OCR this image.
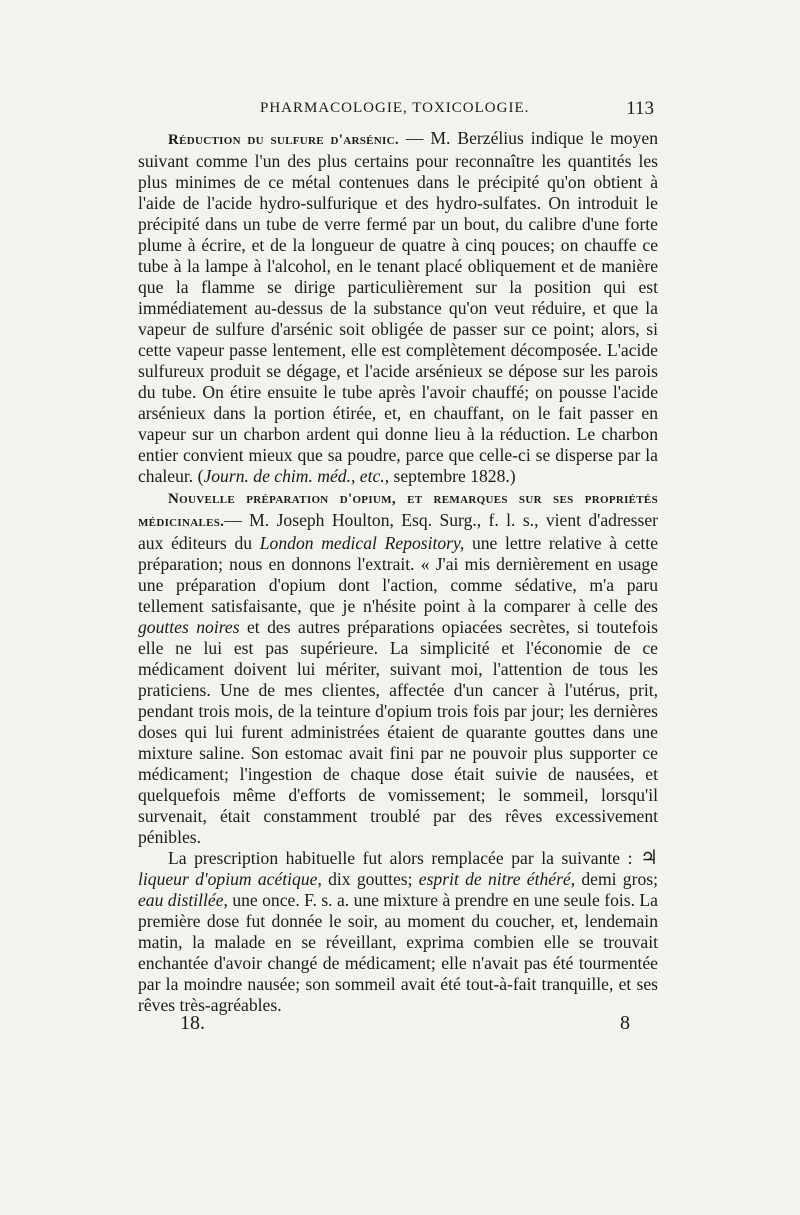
PHARMACOLOGIE, TOXICOLOGIE.	113

Réduction du sulfure d'arsénic. — M. Berzélius indique le moyen suivant comme l'un des plus certains pour reconnaître les quantités les plus minimes de ce métal contenues dans le précipité qu'on obtient à l'aide de l'acide hydro-sulfurique et des hydro-sulfates. On introduit le précipité dans un tube de verre fermé par un bout, du calibre d'une forte plume à écrire, et de la longueur de quatre à cinq pouces; on chauffe ce tube à la lampe à l'alcohol, en le tenant placé obliquement et de manière que la flamme se dirige particulièrement sur la position qui est immédiatement au-dessus de la substance qu'on veut réduire, et que la vapeur de sulfure d'arsénic soit obligée de passer sur ce point; alors, si cette vapeur passe lentement, elle est complètement décomposée. L'acide sulfureux produit se dégage, et l'acide arsénieux se dépose sur les parois du tube. On étire ensuite le tube après l'avoir chauffé; on pousse l'acide arsénieux dans la portion étirée, et, en chauffant, on le fait passer en vapeur sur un charbon ardent qui donne lieu à la réduction. Le charbon entier convient mieux que sa poudre, parce que celle-ci se disperse par la chaleur. (Journ. de chim. méd., etc., septembre 1828.)

Nouvelle préparation d'opium, et remarques sur ses propriétés médicinales.— M. Joseph Houlton, Esq. Surg., f. l. s., vient d'adresser aux éditeurs du London medical Repository, une lettre relative à cette préparation; nous en donnons l'extrait. « J'ai mis dernièrement en usage une préparation d'opium dont l'action, comme sédative, m'a paru tellement satisfaisante, que je n'hésite point à la comparer à celle des gouttes noires et des autres préparations opiacées secrètes, si toutefois elle ne lui est pas supérieure. La simplicité et l'économie de ce médicament doivent lui mériter, suivant moi, l'attention de tous les praticiens. Une de mes clientes, affectée d'un cancer à l'utérus, prit, pendant trois mois, de la teinture d'opium trois fois par jour; les dernières doses qui lui furent administrées étaient de quarante gouttes dans une mixture saline. Son estomac avait fini par ne pouvoir plus supporter ce médicament; l'ingestion de chaque dose était suivie de nausées, et quelquefois même d'efforts de vomissement; le sommeil, lorsqu'il survenait, était constamment troublé par des rêves excessivement pénibles.

La prescription habituelle fut alors remplacée par la suivante : ♃ liqueur d'opium acétique, dix gouttes; esprit de nitre éthéré, demi gros; eau distillée, une once. F. s. a. une mixture à prendre en une seule fois. La première dose fut donnée le soir, au moment du coucher, et, lendemain matin, la malade en se réveillant, exprima combien elle se trouvait enchantée d'avoir changé de médicament; elle n'avait pas été tourmentée par la moindre nausée; son sommeil avait été tout-à-fait tranquille, et ses rêves très-agréables.

18.	8
